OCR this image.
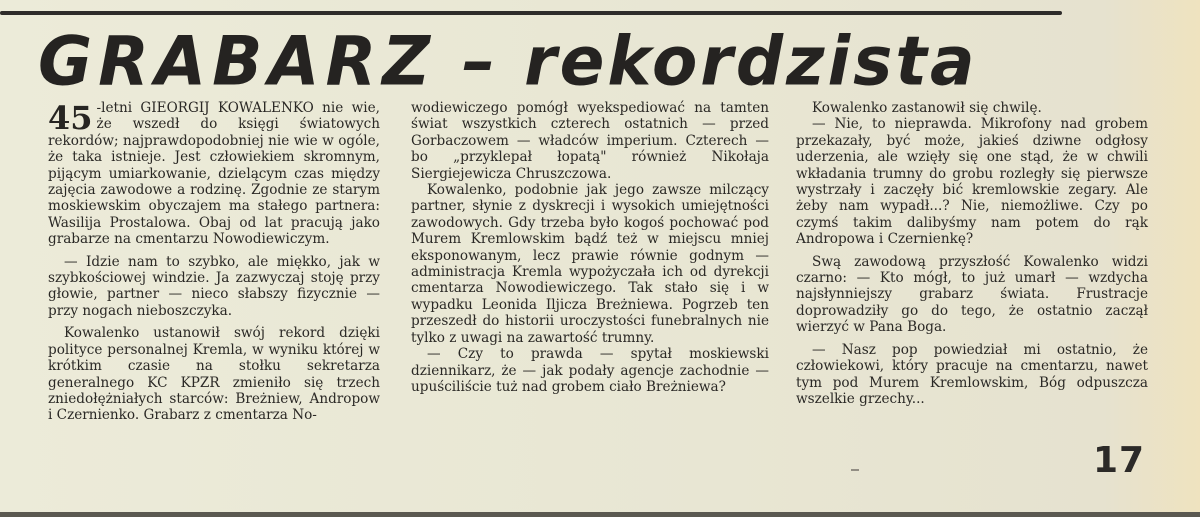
GRABARZ – rekordzista

45 -letni GIEORGIJ KOWALENKO nie wie, że wszedł do księgi światowych rekordów; najprawdopodobniej nie wie w ogóle, że taka istnieje. Jest człowiekiem skromnym, pijącym umiarkowanie, dzielącym czas między zajęcia zawodowe a rodzinę. Zgodnie ze starym moskiewskim obyczajem ma stałego partnera: Wasilija Prostalowa. Obaj od lat pracują jako grabarze na cmentarzu Nowodiewiczym.

— Idzie nam to szybko, ale miękko, jak w szybkościowej windzie. Ja zazwyczaj stoję przy głowie, partner — nieco słabszy fizycznie — przy nogach nieboszczyka.

Kowalenko ustanowił swój rekord dzięki polityce personalnej Kremla, w wyniku której w krótkim czasie na stołku sekretarza generalnego KC KPZR zmieniło się trzech zniedołężniałych starców: Breżniew, Andropow i Czernienko. Grabarz z cmentarza No-

wodiewiczego pomógł wyekspediować na tamten świat wszystkich czterech ostatnich — przed Gorbaczowem — władców imperium. Czterech — bo „przyklepał łopatą" również Nikołaja Siergiejewicza Chruszczowa.

Kowalenko, podobnie jak jego zawsze milczący partner, słynie z dyskrecji i wysokich umiejętności zawodowych. Gdy trzeba było kogoś pochować pod Murem Kremlowskim bądź też w miejscu mniej eksponowanym, lecz prawie równie godnym — administracja Kremla wypożyczała ich od dyrekcji cmentarza Nowodiewiczego. Tak stało się i w wypadku Leonida Iljicza Breżniewa. Pogrzeb ten przeszedł do historii uroczystości funebralnych nie tylko z uwagi na zawartość trumny.

— Czy to prawda — spytał moskiewski dziennikarz, że — jak podały agencje zachodnie — upuściliście tuż nad grobem ciało Breżniewa?

Kowalenko zastanowił się chwilę.

— Nie, to nieprawda. Mikrofony nad grobem przekazały, być może, jakieś dziwne odgłosy uderzenia, ale wzięły się one stąd, że w chwili wkładania trumny do grobu rozległy się pierwsze wystrzały i zaczęły bić kremlowskie zegary. Ale żeby nam wypadł...? Nie, niemożliwe. Czy po czymś takim dalibyśmy nam potem do rąk Andropowa i Czernienkę?

Swą zawodową przyszłość Kowalenko widzi czarno: — Kto mógł, to już umarł — wzdycha najsłynniejszy grabarz świata. Frustracje doprowadziły go do tego, że ostatnio zaczął wierzyć w Pana Boga.

— Nasz pop powiedział mi ostatnio, że człowiekowi, który pracuje na cmentarzu, nawet tym pod Murem Kremlowskim, Bóg odpuszcza wszelkie grzechy...

17
